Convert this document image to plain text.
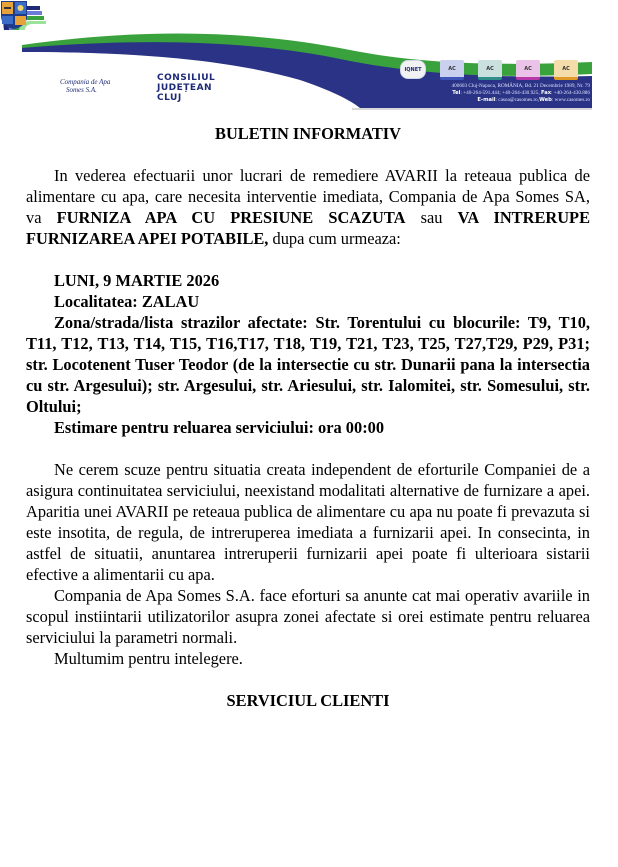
Compania de Apa
Somes S.A.
CONSILIUL
JUDEȚEAN
CLUJ
IQNET	AC	AC	AC	AC
400603 Cluj-Napoca, ROMÂNIA, Bd. 21 Decembrie 1989, Nr. 79
Tel: +40-264-591.444; +40-264-430.925, Fax: +40-264-430.886
E-mail: casoa@casomes.ro,Web: www.casomes.ro
BULETIN INFORMATIV

In vederea efectuarii unor lucrari de remediere AVARII la reteaua publica de alimentare cu apa, care necesita interventie imediata, Compania de Apa Somes SA, va FURNIZA APA CU PRESIUNE SCAZUTA sau VA INTRERUPE FURNIZAREA APEI POTABILE, dupa cum urmeaza:

LUNI, 9 MARTIE 2026

Localitatea: ZALAU

Zona/strada/lista strazilor afectate: Str. Torentului cu blocurile: T9, T10, T11, T12, T13, T14, T15, T16,T17, T18, T19, T21, T23, T25, T27,T29, P29, P31; str. Locotenent Tuser Teodor (de la intersectie cu str. Dunarii pana la intersectia cu str. Argesului); str. Argesului, str. Ariesului, str. Ialomitei, str. Somesului, str. Oltului;

Estimare pentru reluarea serviciului: ora 00:00

Ne cerem scuze pentru situatia creata independent de eforturile Companiei de a asigura continuitatea serviciului, neexistand modalitati alternative de furnizare a apei. Aparitia unei AVARII pe reteaua publica de alimentare cu apa nu poate fi prevazuta si este insotita, de regula, de intreruperea imediata a furnizarii apei. In consecinta, in astfel de situatii, anuntarea intreruperii furnizarii apei poate fi ulterioara sistarii efective a alimentarii cu apa.

Compania de Apa Somes S.A. face eforturi sa anunte cat mai operativ avariile in scopul instiintarii utilizatorilor asupra zonei afectate si orei estimate pentru reluarea serviciului la parametri normali.

Multumim pentru intelegere.

SERVICIUL CLIENTI
